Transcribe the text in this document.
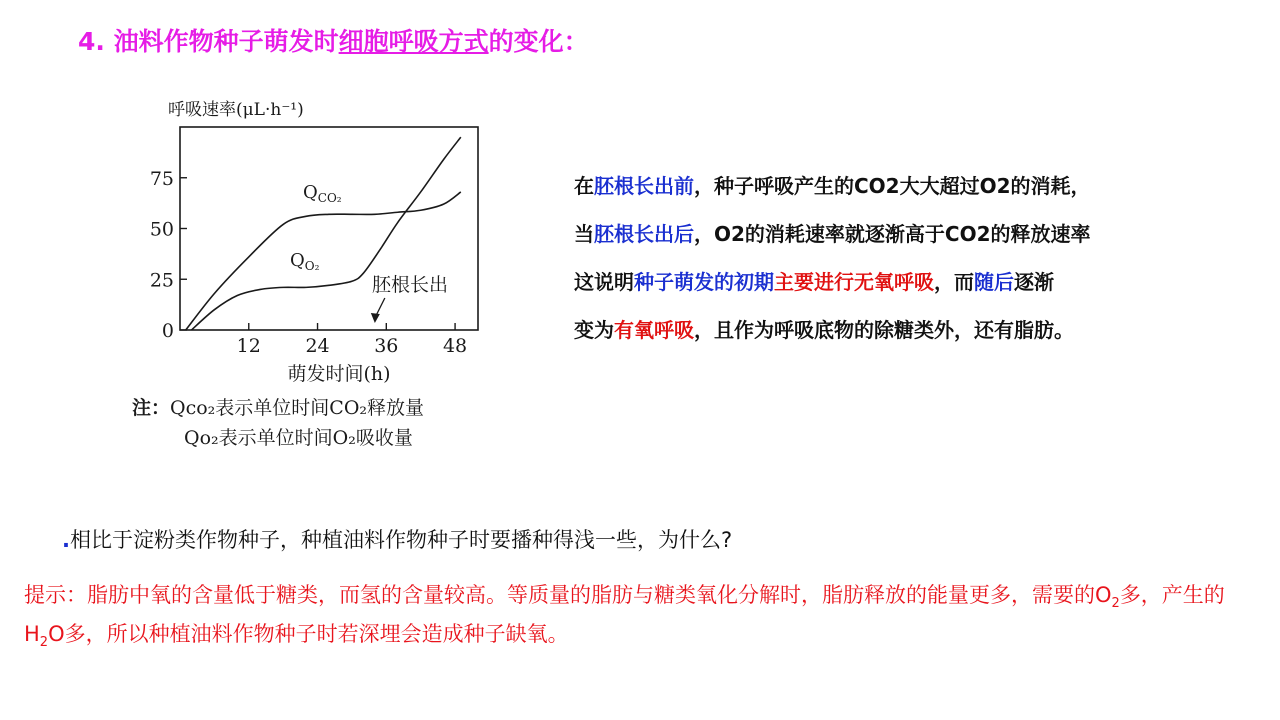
4. 油料作物种子萌发时细胞呼吸方式的变化：
呼吸速率(μL·h⁻¹)
0
25
50
75
12 24 36 48
萌发时间(h)
$Q_{CO_2}$
$Q_{O_2}$
胚根长出
注：Qco₂表示单位时间CO₂释放量
Qo₂表示单位时间O₂吸收量
在胚根长出前，种子呼吸产生的CO2大大超过O2的消耗，
当胚根长出后，O2的消耗速率就逐渐高于CO2的释放速率
这说明种子萌发的初期主要进行无氧呼吸，而随后逐渐
变为有氧呼吸，且作为呼吸底物的除糖类外，还有脂肪。
.相比于淀粉类作物种子，种植油料作物种子时要播种得浅一些，为什么?
提示：脂肪中氧的含量低于糖类，而氢的含量较高。等质量的脂肪与糖类氧化分解时，脂肪释放的能量更多，需要的$O_2$多，产生的$H_2O$多，所以种植油料作物种子时若深埋会造成种子缺氧。
